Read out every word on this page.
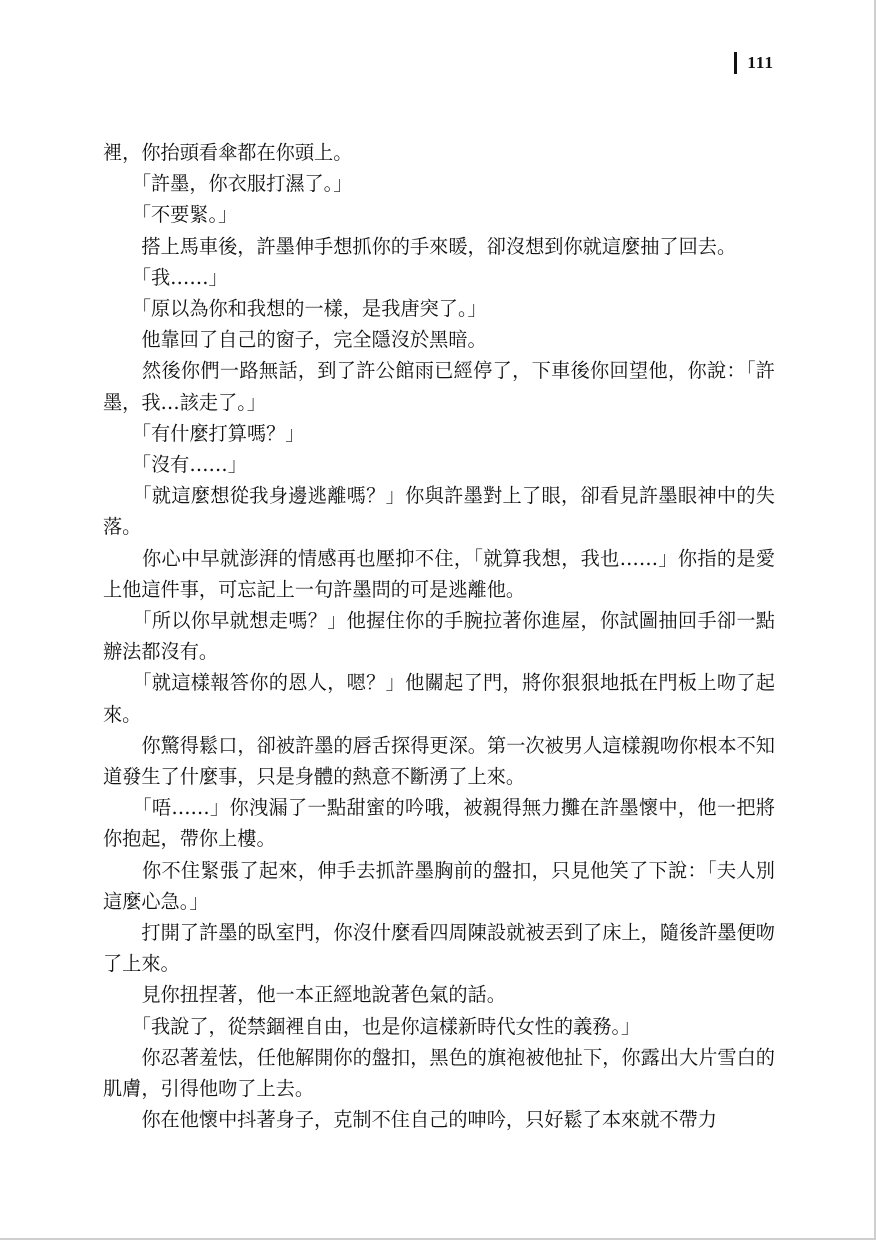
111

裡，你抬頭看傘都在你頭上。

　　「許墨，你衣服打濕了。」

　　「不要緊。」

　　搭上馬車後，許墨伸手想抓你的手來暖，卻沒想到你就這麼抽了回去。

　　「我……」

　　「原以為你和我想的一樣，是我唐突了。」

　　他靠回了自己的窗子，完全隱沒於黑暗。

　　然後你們一路無話，到了許公館雨已經停了，下車後你回望他，你說：「許墨，我…該走了。」

　　「有什麼打算嗎？」

　　「沒有……」

　　「就這麼想從我身邊逃離嗎？」你與許墨對上了眼，卻看見許墨眼神中的失落。

　　你心中早就澎湃的情感再也壓抑不住，「就算我想，我也……」你指的是愛上他這件事，可忘記上一句許墨問的可是逃離他。

　　「所以你早就想走嗎？」他握住你的手腕拉著你進屋，你試圖抽回手卻一點辦法都沒有。

　　「就這樣報答你的恩人，嗯？」他關起了門，將你狠狠地抵在門板上吻了起來。

　　你驚得鬆口，卻被許墨的唇舌探得更深。第一次被男人這樣親吻你根本不知道發生了什麼事，只是身體的熱意不斷湧了上來。

　　「唔……」你洩漏了一點甜蜜的吟哦，被親得無力攤在許墨懷中，他一把將你抱起，帶你上樓。

　　你不住緊張了起來，伸手去抓許墨胸前的盤扣，只見他笑了下說：「夫人別這麼心急。」

　　打開了許墨的臥室門，你沒什麼看四周陳設就被丟到了床上，隨後許墨便吻了上來。

　　見你扭捏著，他一本正經地說著色氣的話。

　　「我說了，從禁錮裡自由，也是你這樣新時代女性的義務。」

　　你忍著羞怯，任他解開你的盤扣，黑色的旗袍被他扯下，你露出大片雪白的肌膚，引得他吻了上去。

　　你在他懷中抖著身子，克制不住自己的呻吟，只好鬆了本來就不帶力
